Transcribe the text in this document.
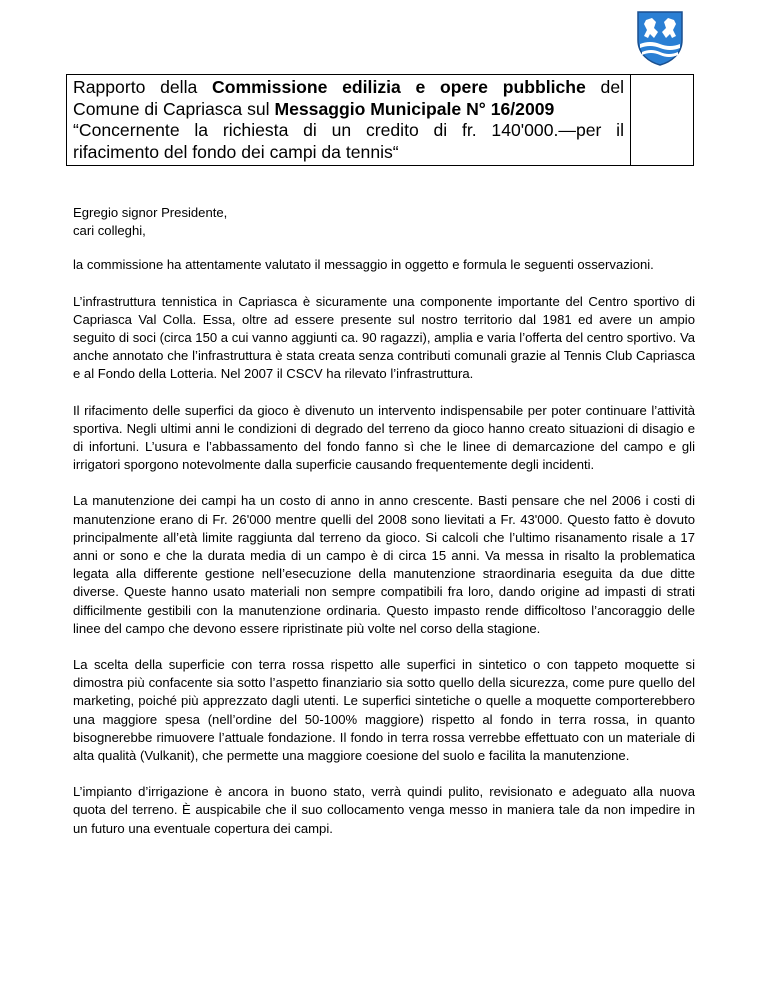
Rapporto della Commissione edilizia e opere pubbliche del
Comune di Capriasca sul Messaggio Municipale N° 16/2009
“Concernente la richiesta di un credito di fr. 140'000.—per il
rifacimento del fondo dei campi da tennis“

Egregio signor Presidente,
cari colleghi,

la commissione ha attentamente valutato il messaggio in oggetto e formula le seguenti osservazioni.

L’infrastruttura tennistica in Capriasca è sicuramente una componente importante del Centro sportivo di Capriasca Val Colla. Essa, oltre ad essere presente sul nostro territorio dal 1981 ed avere un ampio seguito di soci (circa 150 a cui vanno aggiunti ca. 90 ragazzi), amplia e varia l’offerta del centro sportivo. Va anche annotato che l’infrastruttura è stata creata senza contributi comunali grazie al Tennis Club Capriasca e al Fondo della Lotteria. Nel 2007 il CSCV ha rilevato l’infrastruttura.

Il rifacimento delle superfici da gioco è divenuto un intervento indispensabile per poter continuare l’attività sportiva. Negli ultimi anni le condizioni di degrado del terreno da gioco hanno creato situazioni di disagio e di infortuni. L’usura e l’abbassamento del fondo fanno sì che le linee di demarcazione del campo e gli irrigatori sporgono notevolmente dalla superficie causando frequentemente degli incidenti.

La manutenzione dei campi ha un costo di anno in anno crescente. Basti pensare che nel 2006 i costi di manutenzione erano di Fr. 26'000 mentre quelli del 2008 sono lievitati a Fr. 43'000. Questo fatto è dovuto principalmente all’età limite raggiunta dal terreno da gioco. Si calcoli che l’ultimo risanamento risale a 17 anni or sono e che la durata media di un campo è di circa 15 anni. Va messa in risalto la problematica legata alla differente gestione nell’esecuzione della manutenzione straordinaria eseguita da due ditte diverse. Queste hanno usato materiali non sempre compatibili fra loro, dando origine ad impasti di strati difficilmente gestibili con la manutenzione ordinaria. Questo impasto rende difficoltoso l’ancoraggio delle linee del campo che devono essere ripristinate più volte nel corso della stagione.

La scelta della superficie con terra rossa rispetto alle superfici in sintetico o con tappeto moquette si dimostra più confacente sia sotto l’aspetto finanziario sia sotto quello della sicurezza, come pure quello del marketing, poiché più apprezzato dagli utenti. Le superfici sintetiche o quelle a moquette comporterebbero una maggiore spesa (nell’ordine del 50-100% maggiore) rispetto al fondo in terra rossa, in quanto bisognerebbe rimuovere l’attuale fondazione. Il fondo in terra rossa verrebbe effettuato con un materiale di alta qualità (Vulkanit), che permette una maggiore coesione del suolo e facilita la manutenzione.

L’impianto d’irrigazione è ancora in buono stato, verrà quindi pulito, revisionato e adeguato alla nuova quota del terreno. È auspicabile che il suo collocamento venga messo in maniera tale da non impedire in un futuro una eventuale copertura dei campi.
